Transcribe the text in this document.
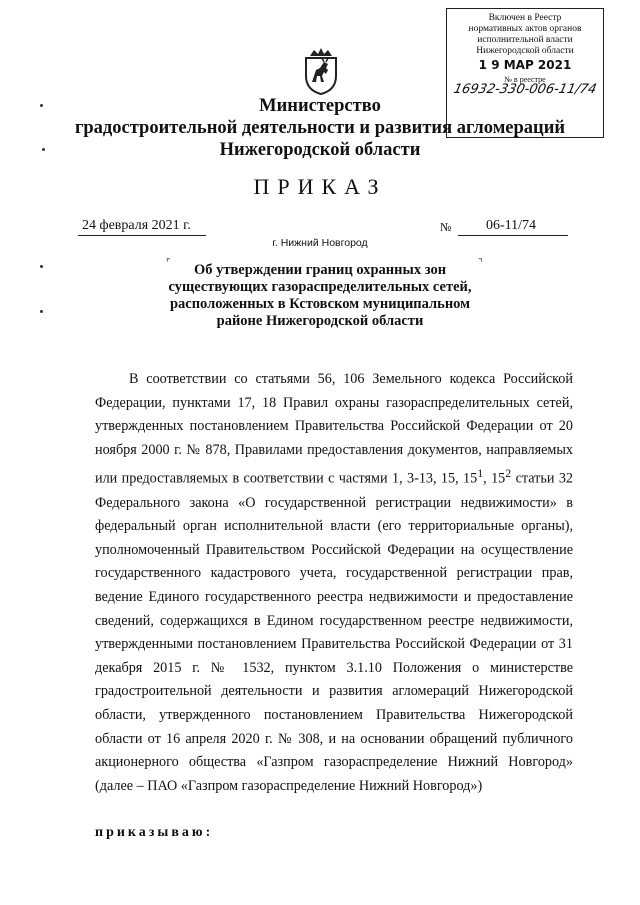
Включен в Реестр
нормативных актов органов
исполнительной власти
Нижегородской области
1 9 МАР 2021
№ в реестре
16932-330-006-11/74
Министерство
градостроительной деятельности и развития агломераций
Нижегородской области
ПРИКАЗ
24 февраля 2021 г.	№ 06-11/74
г. Нижний Новгород
⌜	⌝
Об утверждении границ охранных зон
существующих газораспределительных сетей,
расположенных в Кстовском муниципальном
районе Нижегородской области

В соответствии со статьями 56, 106 Земельного кодекса Российской Федерации, пунктами 17, 18 Правил охраны газораспределительных сетей, утвержденных постановлением Правительства Российской Федерации от 20 ноября 2000 г. № 878, Правилами предоставления документов, направляемых или предоставляемых в соответствии с частями 1, 3-13, 15, $15^1$, $15^2$ статьи 32 Федерального закона «О государственной регистрации недвижимости» в федеральный орган исполнительной власти (его территориальные органы), уполномоченный Правительством Российской Федерации на осуществление государственного кадастрового учета, государственной регистрации прав, ведение Единого государственного реестра недвижимости и предоставление сведений, содержащихся в Едином государственном реестре недвижимости, утвержденными постановлением Правительства Российской Федерации от 31 декабря 2015 г. № 1532, пунктом 3.1.10 Положения о министерстве градостроительной деятельности и развития агломераций Нижегородской области, утвержденного постановлением Правительства Нижегородской области от 16 апреля 2020 г. № 308, и на основании обращений публичного акционерного общества «Газпром газораспределение Нижний Новгород» (далее – ПАО «Газпром газораспределение Нижний Новгород»)

приказываю:
